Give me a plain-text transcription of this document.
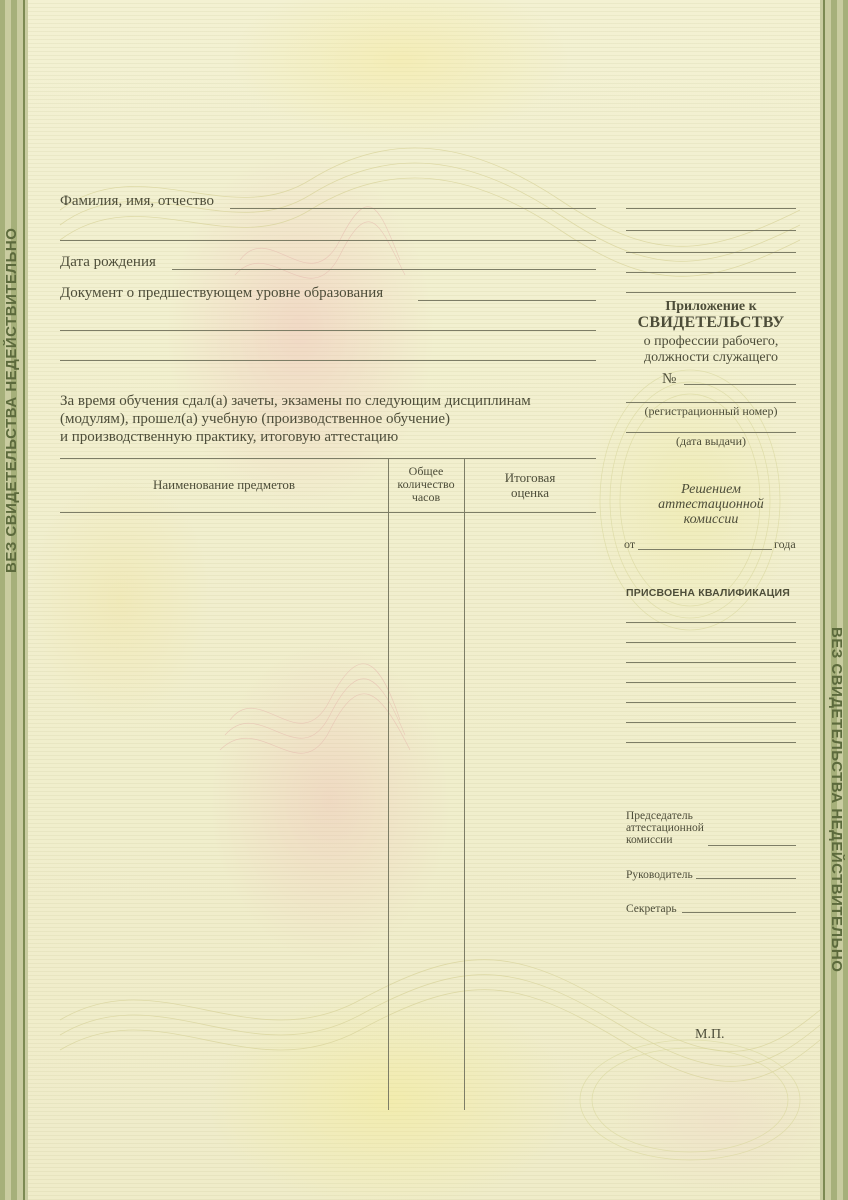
ВЕЗ СВИДЕТЕЛЬСТВА НЕДЕЙСТВИТЕЛЬНО
ВЕЗ СВИДЕТЕЛЬСТВА НЕДЕЙСТВИТЕЛЬНО
Фамилия, имя, отчество
Дата рождения
Документ о предшествующем уровне образования
За время обучения сдал(а) зачеты, экзамены по следующим дисциплинам
(модулям), прошел(а) учебную (производственное обучение)
и производственную практику, итоговую аттестацию
Наименование предметов
Общее
количество
часов
Итоговая
оценка
Приложение к
СВИДЕТЕЛЬСТВУ
о профессии рабочего,
должности служащего
№
(регистрационный номер)
(дата выдачи)
Решением
аттестационной
комиссии
от	года
ПРИСВОЕНА КВАЛИФИКАЦИЯ
Председатель
аттестационной
комиссии
Руководитель
Секретарь
М.П.
